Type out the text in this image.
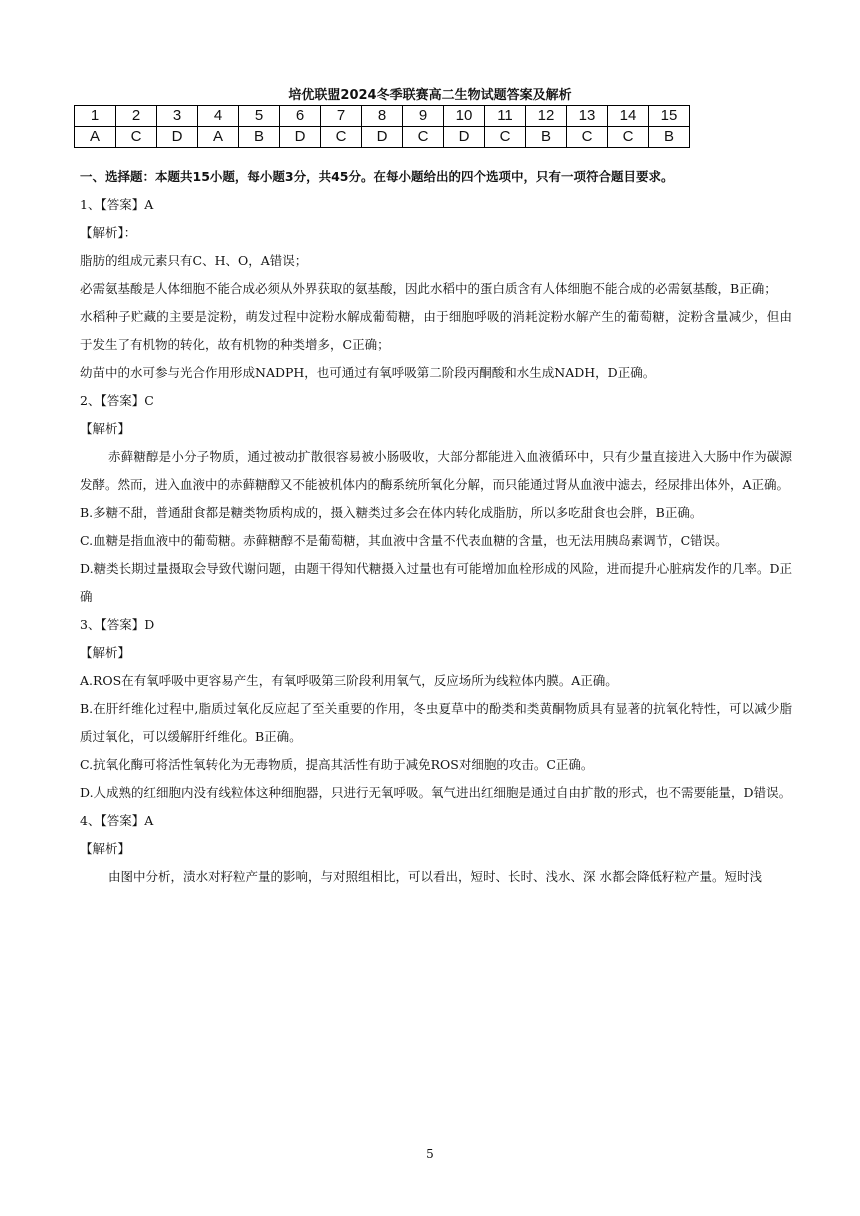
培优联盟2024冬季联赛高二生物试题答案及解析
1	2	3	4	5	6	7	8	9	10	11	12	13	14	15
A	C	D	A	B	D	C	D	C	D	C	B	C	C	B

一、选择题：本题共15小题，每小题3分，共45分。在每小题给出的四个选项中，只有一项符合题目要求。

1、【答案】A

【解析】：

脂肪的组成元素只有C、H、O，A错误；

必需氨基酸是人体细胞不能合成必须从外界获取的氨基酸，因此水稻中的蛋白质含有人体细胞不能合成的必需氨基酸，B正确；

水稻种子贮藏的主要是淀粉，萌发过程中淀粉水解成葡萄糖，由于细胞呼吸的消耗淀粉水解产生的葡萄糖，淀粉含量减少，但由于发生了有机物的转化，故有机物的种类增多，C正确；

幼苗中的水可参与光合作用形成NADPH，也可通过有氧呼吸第二阶段丙酮酸和水生成NADH，D正确。

2、【答案】C

【解析】

赤藓糖醇是小分子物质，通过被动扩散很容易被小肠吸收，大部分都能进入血液循环中，只有少量直接进入大肠中作为碳源发酵。然而，进入血液中的赤藓糖醇又不能被机体内的酶系统所氧化分解，而只能通过肾从血液中滤去，经尿排出体外，A正确。

B.多糖不甜，普通甜食都是糖类物质构成的，摄入糖类过多会在体内转化成脂肪，所以多吃甜食也会胖，B正确。

C.血糖是指血液中的葡萄糖。赤藓糖醇不是葡萄糖，其血液中含量不代表血糖的含量，也无法用胰岛素调节，C错误。

D.糖类长期过量摄取会导致代谢问题，由题干得知代糖摄入过量也有可能增加血栓形成的风险，进而提升心脏病发作的几率。D正确

3、【答案】D

【解析】

A.ROS在有氧呼吸中更容易产生，有氧呼吸第三阶段利用氧气，反应场所为线粒体内膜。A正确。

B.在肝纤维化过程中,脂质过氧化反应起了至关重要的作用，冬虫夏草中的酚类和类黄酮物质具有显著的抗氧化特性，可以减少脂质过氧化，可以缓解肝纤维化。B正确。

C.抗氧化酶可将活性氧转化为无毒物质，提高其活性有助于减免ROS对细胞的攻击。C正确。

D.人成熟的红细胞内没有线粒体这种细胞器，只进行无氧呼吸。氧气进出红细胞是通过自由扩散的形式，也不需要能量，D错误。

4、【答案】A

【解析】

由图中分析，渍水对籽粒产量的影响，与对照组相比，可以看出，短时、长时、浅水、深 水都会降低籽粒产量。短时浅

5
